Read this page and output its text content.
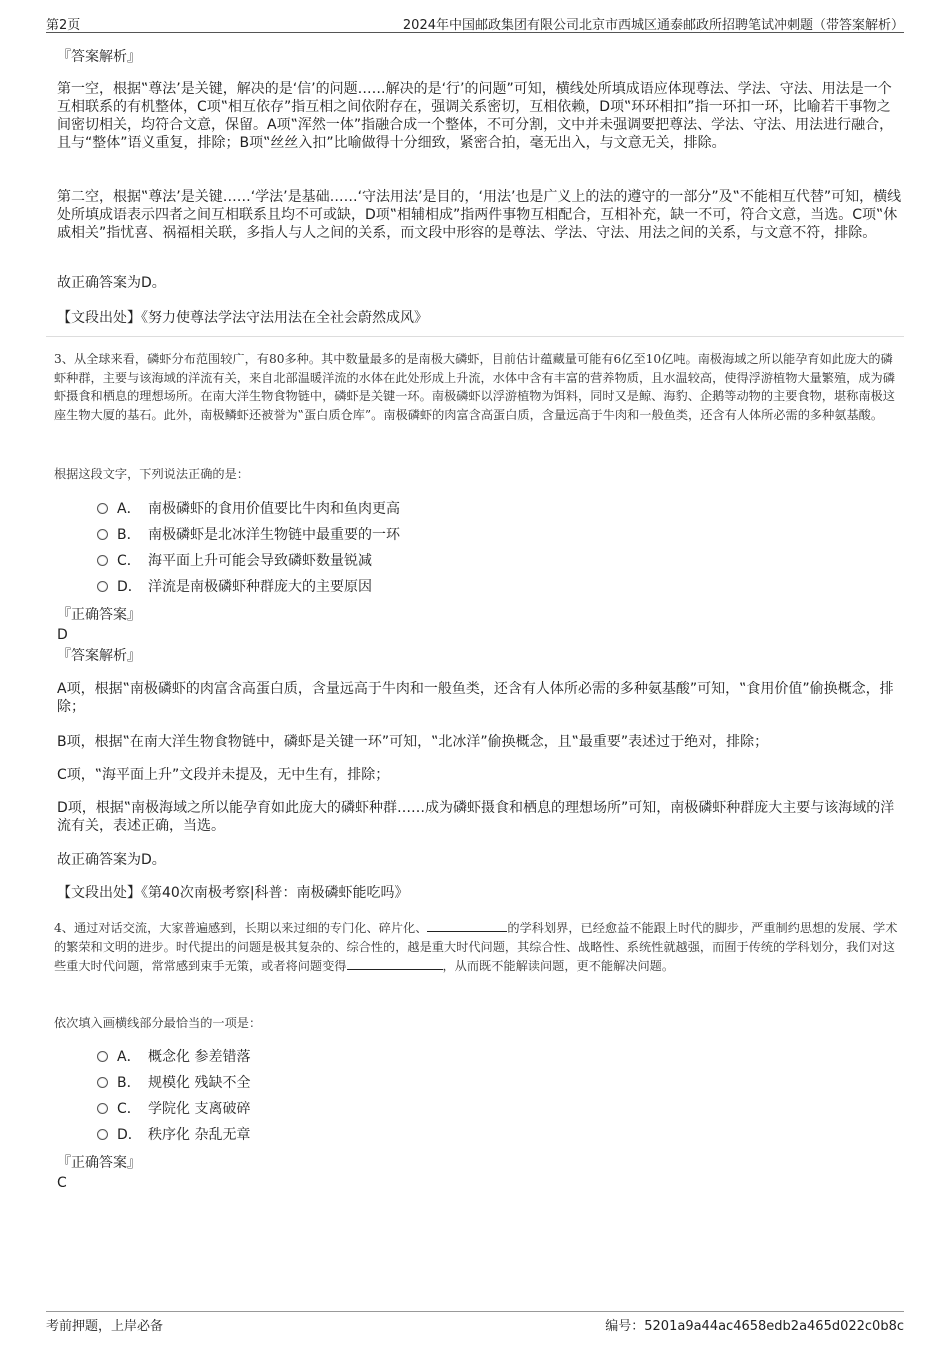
第2页	2024年中国邮政集团有限公司北京市西城区通泰邮政所招聘笔试冲刺题（带答案解析）
『答案解析』

第一空，根据‟尊法’是关键，解决的是‘信’的问题……解决的是‘行’的问题”可知，横线处所填成语应体现尊法、学法、守法、用法是一个互相联系的有机整体，C项‟相互依存”指互相之间依附存在，强调关系密切，互相依赖，D项‟环环相扣”指一环扣一环，比喻若干事物之间密切相关，均符合文意，保留。A项‟浑然一体”指融合成一个整体，不可分割，文中并未强调要把尊法、学法、守法、用法进行融合，且与“整体”语义重复，排除；B项‟丝丝入扣”比喻做得十分细致，紧密合拍，毫无出入，与文意无关，排除。

第二空，根据‟尊法’是关键……‘学法’是基础……‘守法用法’是目的，‘用法’也是广义上的法的遵守的一部分”及‟不能相互代替”可知，横线处所填成语表示四者之间互相联系且均不可或缺，D项‟相辅相成”指两件事物互相配合，互相补充，缺一不可，符合文意，当选。C项‟休戚相关”指忧喜、祸福相关联，多指人与人之间的关系，而文段中形容的是尊法、学法、守法、用法之间的关系，与文意不符，排除。

故正确答案为D。
【文段出处】《努力使尊法学法守法用法在全社会蔚然成风》

3、从全球来看，磷虾分布范围较广，有80多种。其中数量最多的是南极大磷虾，目前估计蕴藏量可能有6亿至10亿吨。南极海域之所以能孕育如此庞大的磷虾种群，主要与该海域的洋流有关，来自北部温暖洋流的水体在此处形成上升流，水体中含有丰富的营养物质，且水温较高，使得浮游植物大量繁殖，成为磷虾摄食和栖息的理想场所。在南大洋生物食物链中，磷虾是关键一环。南极磷虾以浮游植物为饵料，同时又是鲸、海豹、企鹅等动物的主要食物，堪称南极这座生物大厦的基石。此外，南极鳞虾还被誉为‟蛋白质仓库”。南极磷虾的肉富含高蛋白质，含量远高于牛肉和一般鱼类，还含有人体所必需的多种氨基酸。

根据这段文字，下列说法正确的是：
A． 南极磷虾的食用价值要比牛肉和鱼肉更高
B． 南极磷虾是北冰洋生物链中最重要的一环
C． 海平面上升可能会导致磷虾数量锐减
D． 洋流是南极磷虾种群庞大的主要原因
『正确答案』
D
『答案解析』

A项，根据‟南极磷虾的肉富含高蛋白质，含量远高于牛肉和一般鱼类，还含有人体所必需的多种氨基酸”可知，‟食用价值”偷换概念，排除；

B项，根据‟在南大洋生物食物链中，磷虾是关键一环”可知，‟北冰洋”偷换概念，且‟最重要”表述过于绝对，排除；

C项，‟海平面上升”文段并未提及，无中生有，排除；

D项，根据‟南极海域之所以能孕育如此庞大的磷虾种群……成为磷虾摄食和栖息的理想场所”可知，南极磷虾种群庞大主要与该海域的洋流有关，表述正确，当选。

故正确答案为D。
【文段出处】《第40次南极考察|科普：南极磷虾能吃吗》

4、通过对话交流，大家普遍感到，长期以来过细的专门化、碎片化、	的学科划界，已经愈益不能跟上时代的脚步，严重制约思想的发展、学术的繁荣和文明的进步。时代提出的问题是极其复杂的、综合性的，越是重大时代问题，其综合性、战略性、系统性就越强，而囿于传统的学科划分，我们对这些重大时代问题，常常感到束手无策，或者将问题变得	，从而既不能解读问题，更不能解决问题。

依次填入画横线部分最恰当的一项是：
A． 概念化 参差错落
B． 规模化 残缺不全
C． 学院化 支离破碎
D． 秩序化 杂乱无章
『正确答案』
C
考前押题，上岸必备	编号：5201a9a44ac4658edb2a465d022c0b8c
